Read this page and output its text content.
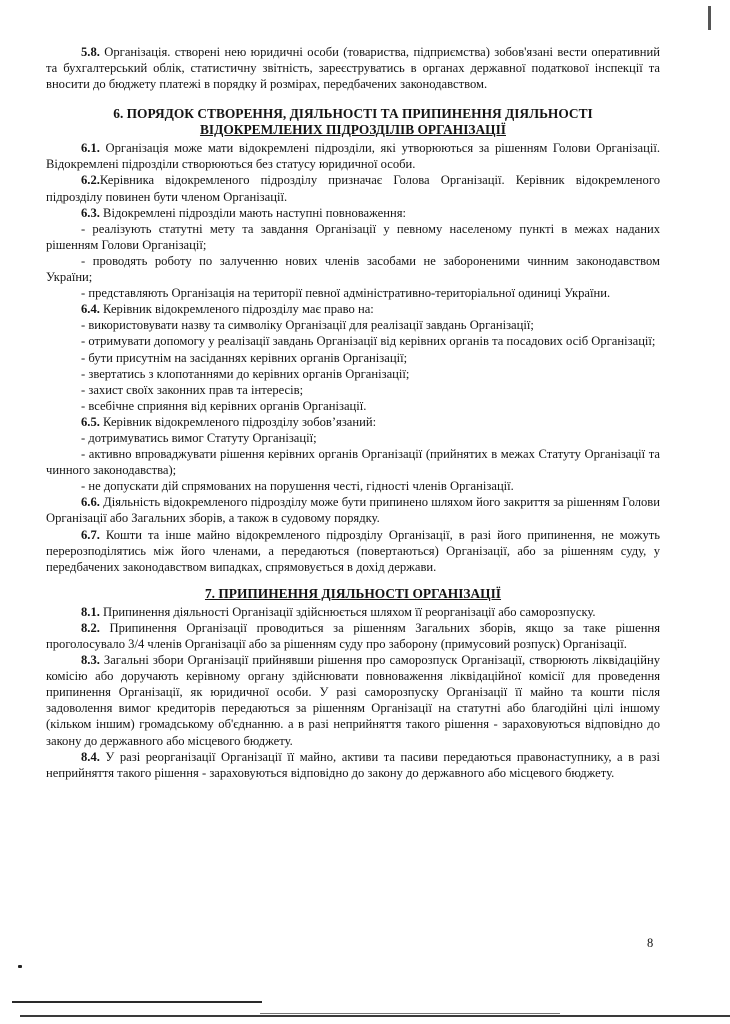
5.8. Організація. створені нею юридичні особи (товариства, підприємства) зобов'язані вести оперативний та бухгалтерський облік, статистичну звітність, зареєструватись в органах державної податкової інспекції та вносити до бюджету платежі в порядку й розмірах, передбачених законодавством.

6. ПОРЯДОК СТВОРЕННЯ, ДІЯЛЬНОСТІ ТА ПРИПИНЕННЯ ДІЯЛЬНОСТІ
ВІДОКРЕМЛЕНИХ ПІДРОЗДІЛІВ ОРГАНІЗАЦІЇ

6.1. Організація може мати відокремлені підрозділи, які утворюються за рішенням Голови Організації. Відокремлені підрозділи створюються без статусу юридичної особи.

6.2.Керівника відокремленого підрозділу призначає Голова Організації. Керівник відокремленого підрозділу повинен бути членом Організації.

6.3. Відокремлені підрозділи мають наступні повноваження:

- реалізують статутні мету та завдання Організації у певному населеному пункті в межах наданих рішенням Голови Організації;

- проводять роботу по залученню нових членів засобами не забороненими чинним законодавством України;

- представляють Організація на території певної адміністративно-територіальної одиниці України.

6.4. Керівник відокремленого підрозділу має право на:

- використовувати назву та символіку Організації для реалізації завдань Організації;

- отримувати допомогу у реалізації завдань Організації від керівних органів та посадових осіб Організації;

- бути присутнім на засіданнях керівних органів Організації;

- звертатись з клопотаннями до керівних органів Організації;

- захист своїх законних прав та інтересів;

- всебічне сприяння від керівних органів Організації.

6.5. Керівник відокремленого підрозділу зобов’язаний:

- дотримуватись вимог Статуту Організації;

- активно впроваджувати рішення керівних органів Організації (прийнятих в межах Статуту Організації та чинного законодавства);

- не допускати дій спрямованих на порушення честі, гідності членів Організації.

6.6. Діяльність відокремленого підрозділу може бути припинено шляхом його закриття за рішенням Голови Організації або Загальних зборів, а також в судовому порядку.

6.7. Кошти та інше майно відокремленого підрозділу Організації, в разі його припинення, не можуть перерозподілятись між його членами, а передаються (повертаються) Організації, або за рішенням суду, у передбачених законодавством випадках, спрямовується в дохід держави.

7. ПРИПИНЕННЯ ДІЯЛЬНОСТІ ОРГАНІЗАЦІЇ

8.1. Припинення діяльності Організації здійснюється шляхом її реорганізації або саморозпуску.

8.2. Припинення Організації проводиться за рішенням Загальних зборів, якщо за таке рішення проголосувало 3/4 членів Організації або за рішенням суду про заборону (примусовий розпуск) Організації.

8.3. Загальні збори Організації прийнявши рішення про саморозпуск Організації, створюють ліквідаційну комісію або доручають керівному органу здійснювати повноваження ліквідаційної комісії для проведення припинення Організації, як юридичної особи. У разі саморозпуску Організації її майно та кошти після задоволення вимог кредиторів передаються за рішенням Організації на статутні або благодійні цілі іншому (кільком іншим) громадському об'єднанню. а в разі неприйняття такого рішення - зараховуються відповідно до закону до державного або місцевого бюджету.

8.4. У разі реорганізації Організації її майно, активи та пасиви передаються правонаступнику, а в разі неприйняття такого рішення - зараховуються відповідно до закону до державного або місцевого бюджету.

8
